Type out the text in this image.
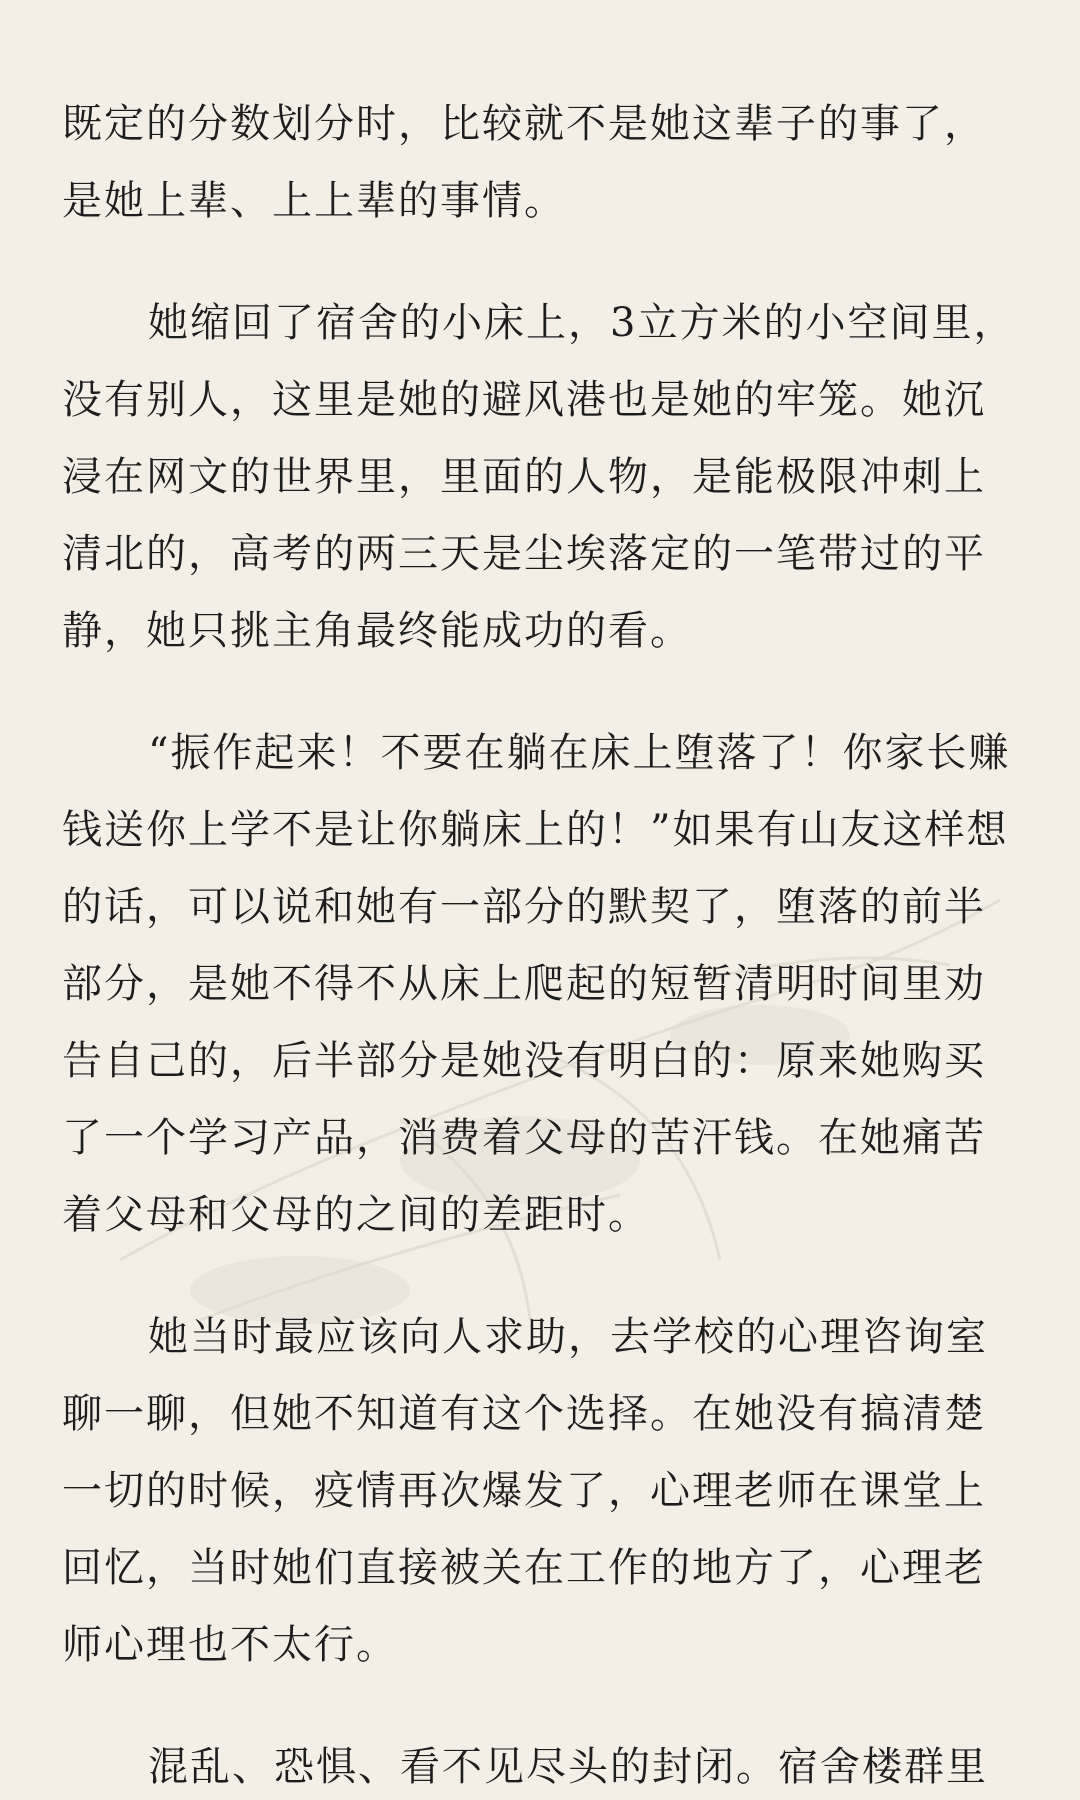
既定的分数划分时，比较就不是她这辈子的事了，是她上辈、上上辈的事情。

她缩回了宿舍的小床上，3立方米的小空间里，没有别人，这里是她的避风港也是她的牢笼。她沉浸在网文的世界里，里面的人物，是能极限冲刺上清北的，高考的两三天是尘埃落定的一笔带过的平静，她只挑主角最终能成功的看。

“振作起来！不要在躺在床上堕落了！你家长赚钱送你上学不是让你躺床上的！”如果有山友这样想的话，可以说和她有一部分的默契了，堕落的前半部分，是她不得不从床上爬起的短暂清明时间里劝告自己的，后半部分是她没有明白的：原来她购买了一个学习产品，消费着父母的苦汗钱。在她痛苦着父母和父母的之间的差距时。

她当时最应该向人求助，去学校的心理咨询室聊一聊，但她不知道有这个选择。在她没有搞清楚一切的时候，疫情再次爆发了，心理老师在课堂上回忆，当时她们直接被关在工作的地方了，心理老师心理也不太行。

混乱、恐惧、看不见尽头的封闭。宿舍楼群里
